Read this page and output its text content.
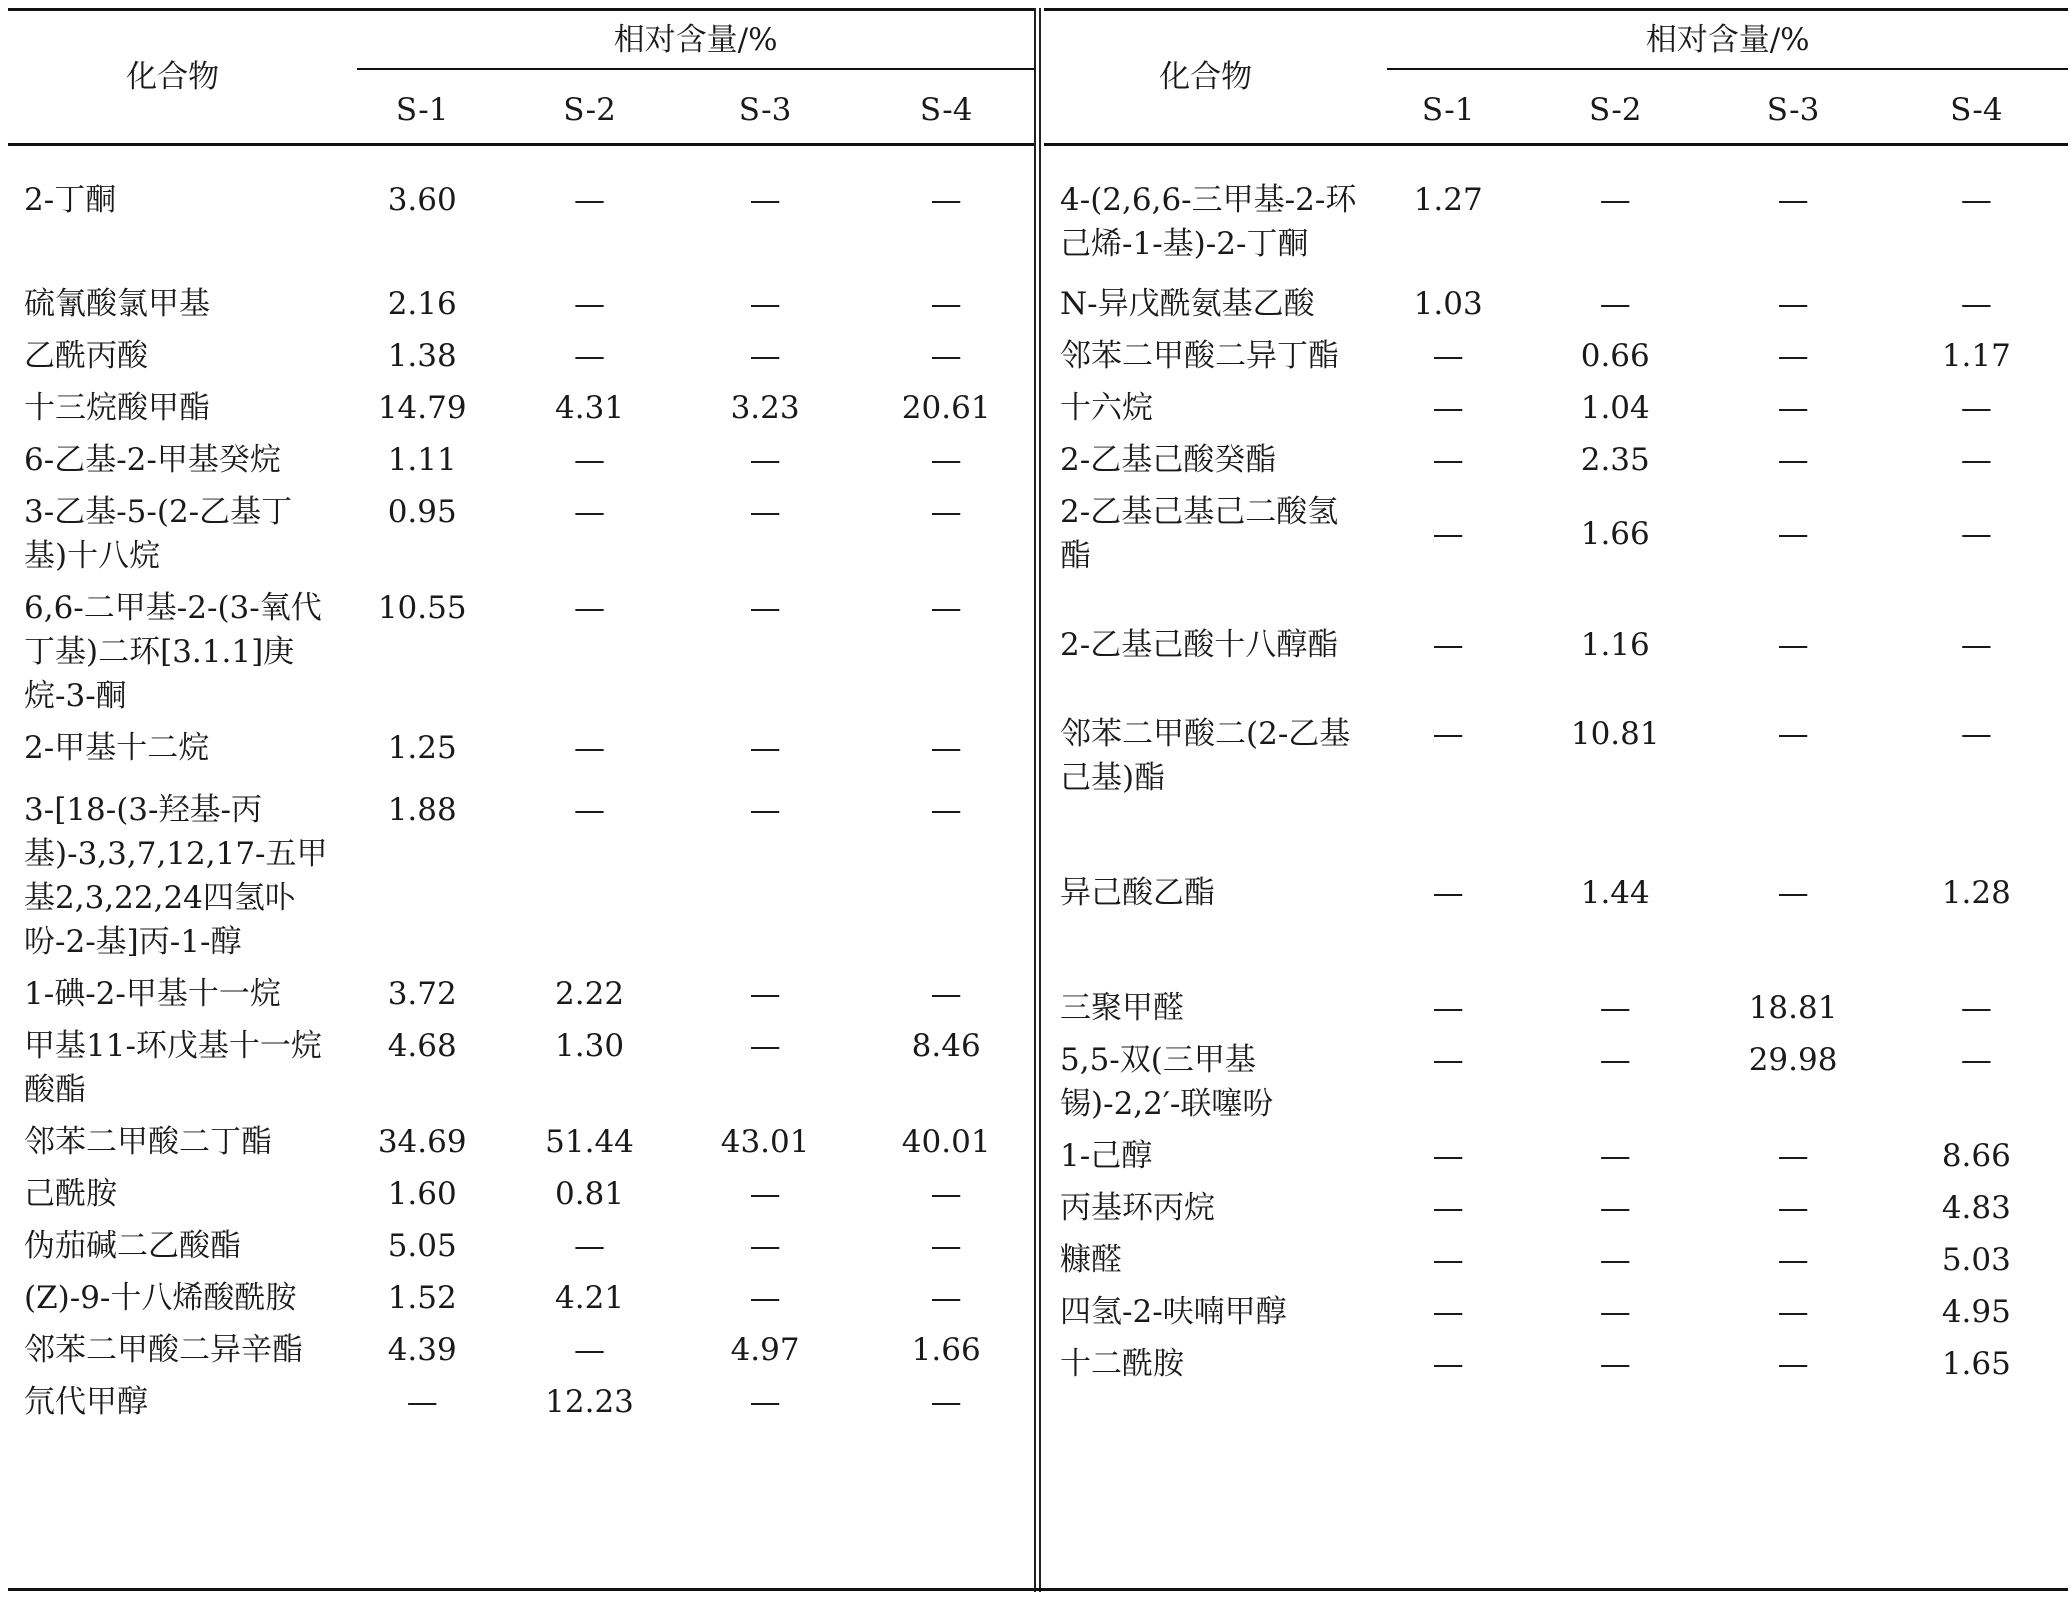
化合物	相对含量/%			

	S-1	S-2	S-3	S-4

2-丁酮	3.60	—	—	—
硫氰酸氯甲基	2.16	—	—	—
乙酰丙酸	1.38	—	—	—
十三烷酸甲酯	14.79	4.31	3.23	20.61
6-乙基-2-甲基癸烷	1.11	—	—	—
3-乙基-5-(2-乙基丁基)十八烷	0.95	—	—	—
6,6-二甲基-2-(3-氧代丁基)二环[3.1.1]庚烷-3-酮	10.55	—	—	—
2-甲基十二烷	1.25	—	—	—
3-[18-(3-羟基-丙基)-3,3,7,12,17-五甲基2,3,22,24四氢卟吩-2-基]丙-1-醇	1.88	—	—	—
1-碘-2-甲基十一烷	3.72	2.22	—	—
甲基11-环戊基十一烷酸酯	4.68	1.30	—	8.46
邻苯二甲酸二丁酯	34.69	51.44	43.01	40.01
己酰胺	1.60	0.81	—	—
伪茄碱二乙酸酯	5.05	—	—	—
(Z)-9-十八烯酸酰胺	1.52	4.21	—	—
邻苯二甲酸二异辛酯	4.39	—	4.97	1.66
氘代甲醇	—	12.23	—	—
化合物	相对含量/%			

	S-1	S-2	S-3	S-4

4-(2,6,6-三甲基-2-环己烯-1-基)-2-丁酮	1.27	—	—	—
N-异戊酰氨基乙酸	1.03	—	—	—
邻苯二甲酸二异丁酯	—	0.66	—	1.17
十六烷	—	1.04	—	—
2-乙基己酸癸酯	—	2.35	—	—
2-乙基己基己二酸氢酯	—	1.66	—	—
2-乙基己酸十八醇酯	—	1.16	—	—
邻苯二甲酸二(2-乙基己基)酯	—	10.81	—	—
异己酸乙酯	—	1.44	—	1.28
三聚甲醛	—	—	18.81	—
5,5-双(三甲基锡)-2,2′-联噻吩	—	—	29.98	—
1-己醇	—	—	—	8.66
丙基环丙烷	—	—	—	4.83
糠醛	—	—	—	5.03
四氢-2-呋喃甲醇	—	—	—	4.95
十二酰胺	—	—	—	1.65
